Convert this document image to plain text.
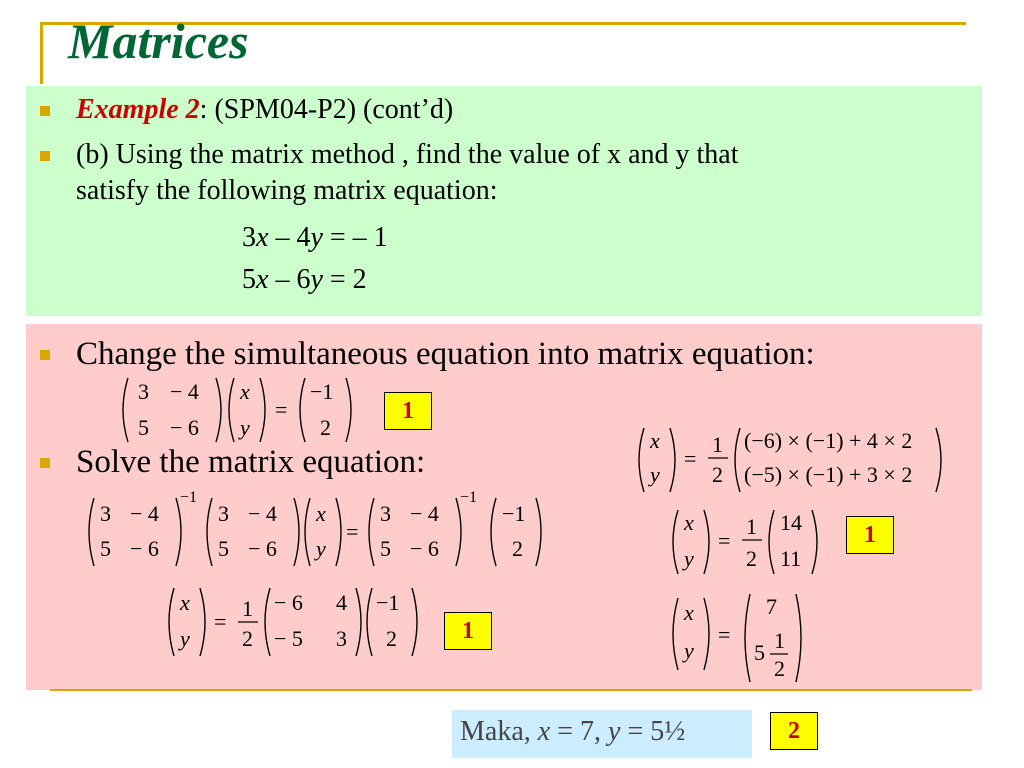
Matrices
Example 2: (SPM04-P2) (cont’d)
(b) Using the matrix method , find the value of x and y that
satisfy the following matrix equation:
3x – 4y = – 1
5x – 6y = 2
Change the simultaneous equation into matrix equation:
Solve the matrix equation:
3 − 4
5 − 6
x
y
=
−1
2
1
3 − 4
5 − 6
−1
3 − 4
5 − 6
x
y
=
3 − 4
5 − 6
−1
−1
2
x
y
=
1
2
− 6 4
− 5 3
−1
2	1
x
y
=
1
2
(−6) × (−1) + 4 × 2
(−5) × (−1) + 3 × 2
x
y
=
1
2
14
11
1
x
y
=
7
5 1
2
Maka, x = 7, y = 5½	2
